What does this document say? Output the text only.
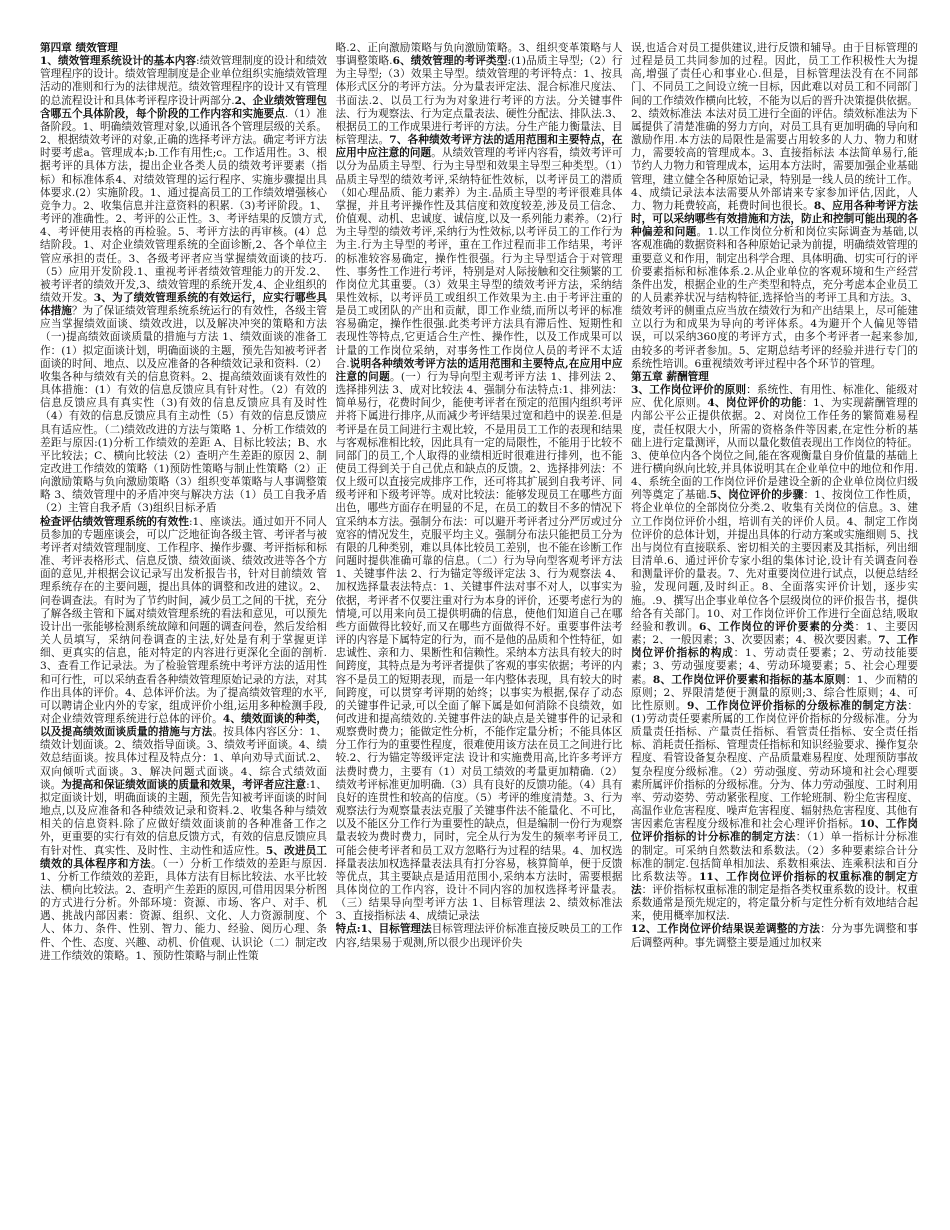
第四章 绩效管理

1、绩效管理系统设计的基本内容:绩效管理制度的设计和绩效管理程序的设计。绩效管理制度是企业单位组织实施绩效管理活动的准则和行为的法律规范。绩效管理程序的设计又有管理的总流程设计和具体考评程序设计两部分.2、企业绩效管理包含哪五个具体阶段，每个阶段的工作内容和实施要点.（1）准备阶段。1、明确绩效管理对象,以通讯各个管理层级的关系。2、根据绩效考评的对象,正确的选择考评方法。确定考评方法时要考虑a。管理成本;b.工作有用性;c。工作适用性。3、根据考评的具体方法，提出企业各类人员的绩效考评要素（指标）和标准体系4、对绩效管理的运行程序、实施步骤提出具体要求.(2）实施阶段。1、通过提高员工的工作绩效增强核心竞争力。2、收集信息并注意资料的积累.（3)考评阶段。1、考评的准确性。2、考评的公正性。3、考评结果的反馈方式,4、考评使用表格的再检验。5、考评方法的再审核。(4）总结阶段。1、对企业绩效管理系统的全面诊断,2、各个单位主管应承担的责任。3、各级考评者应当掌握绩效面谈的技巧.（5）应用开发阶段.1、重视考评者绩效管理能力的开发.2、被考评者的绩效开发,3、绩效管理的系统开发,4、企业组织的绩效开发。3、为了绩效管理系统的有效运行，应实行哪些具体措施？为了保证绩效管理系统系统运行的有效性，各级主管应当掌握绩效面谈、绩效改进，以及解决冲突的策略和方法（一)提高绩效面谈质量的措施与方法 1、绩效面谈的准备工作：(1）拟定面谈计划，明确面谈的主题，预先告知被考评者面谈的时间、地点、以及应准备的各种绩效记录和资料.（2）收集各种与绩效有关的信息资料。2、提高绩效面谈有效性的具体措施：(1）有效的信息反馈应具有针对性。（2）有效的信息反馈应具有真实性（3)有效的信息反馈应具有及时性（4）有效的信息反馈应具有主动性（5）有效的信息反馈应具有适应性。（二)绩效改进的方法与策略 1、分析工作绩效的差距与原因:(1)分析工作绩效的差距 A、目标比较法；B、水平比较法；C、横向比较法（2）查明产生差距的原因 2、制定改进工作绩效的策略（1)预防性策略与制止性策略（2）正向激励策略与负向激励策略（3）组织变革策略与人事调整策略 3、绩效管理中的矛盾冲突与解决方法（1）员工自我矛盾（2）主管自我矛盾（3)组织目标矛盾

检查评估绩效管理系统的有效性:1、座谈法。通过如开不同人员参加的专题座谈会，可以广泛地征询各级主管、考评者与被考评者对绩效管理制度、工作程序、操作步骤、考评指标和标准、考评表格形式、信息反馈、绩效面谈、绩效改进等各个方面的意见,并根据会议记录写出发析报告书，针对目前绩效 管理系统存在的主要问题，提出具体的调整和改进的建议。2、问卷调查法。有时为了节约时间，减少员工之间的干扰，充分了解各级主管和下属对绩效管理系统的看法和意见，可以预先设计出一张能够检测系统故障和问题的调查问卷，然后发给相关人员填写，采纳问卷调查的主法,好处是有利于掌握更详细、更真实的信息，能对特定的内容进行更深化全面的剖析.3、查看工作记录法。为了检验管理系统中考评方法的适用性和可行性，可以采纳查看各种绩效管理原始记录的方法，对其作出具体的评价。4、总体评价法。为了提高绩效管理的水平,可以聘请企业内外的专家，组成评价小组,运用多种检测手段,对企业绩效管理系统进行总体的评价。4、绩效面谈的种类，以及提高绩效面谈质量的措施与方法。按具体内容区分：1、绩效计划面谈。2、绩效指导面谈。3、绩效考评面谈。4、绩效总结面谈。按具体过程及特点分：1、单向劝导式面试.2、双向倾听式面谈。3、解决问题式面谈。4、综合式绩效面谈。为提高和保证绩效面谈的质量和效果，考评者应注意:1、拟定面谈计划，明确面谈的主题，预先告知被考评面谈的时间地点,以及应准备和各种绩效记录和资料.2、收集各种与绩效相关的信息资料.除了应做好绩效面谈前的各种准备工作之外，更重要的实行有效的信息反馈方式，有效的信息反馈应具有针对性、真实性、及时性、主动性和适应性。5、改进员工绩效的具体程序和方法。（一）分析工作绩效的差距与原因.1、分析工作绩效的差距，具体方法有目标比较法、水平比较法、横向比较法。2、查明产生差距的原因,可借用因果分析图的方式进行分析。外部环境：资源、市场、客户、对手、机遇、挑战内部因素：资源、组织、文化、人力资源制度、个人、体力、条件、性别、智力、能力、经验、阅历心理、条件、个性、态度、兴趣、动机、价值观、认识论（二）制定改进工作绩效的策略。1、预防性策略与制止性策

略.2、正向激励策略与负向激励策略。3、组织变革策略与人事调整策略.6、绩效管理的考评类型:(1)品质主导型;（2）行为主导型;（3）效果主导型。绩效管理的考评特点：1、按具体形式区分的考评方法。分为量表评定法、混合标准尺度法、书面法.2、以员工行为为对象进行考评的方法。分关键事件法、行为观察法、行为定点量表法、硬性分配法、排队法.3、根据员工的工作成果进行考评的方法。分生产能力衡量法、目标管理法。7、各种绩效考评方法的适用范围和主要特点，在应用中应注意的问题。从绩效管理的考评内容看，绩效考评可以分为品质主导型、行为主导型和效果主导型三种类型。（1）品质主导型的绩效考评,采纳特征性效标，以考评员工的潜质（如心理品质、能力素养）为主.品质主导型的考评很难具体掌握，并且考评操作性及其信度和效度较差,涉及员工信念、价值观、动机、忠诚度、诚信度,以及一系列能力素养。（2)行为主导型的绩效考评,采纳行为性效标,以考评员工的工作行为为主.行为主导型的考评，重在工作过程而非工作结果，考评的标准较容易确定，操作性很强。行为主导型适合于对管理性、事务性工作进行考评，特别是对人际接触和交往频繁的工作岗位尤其重要。（3）效果主导型的绩效考评方法，采纳结果性效标，以考评员工或组织工作效果为主.由于考评注重的是员工或团队的产出和贡献，即工作业绩,而所以考评的标准容易确定，操作性很强.此类考评方法具有滞后性、短期性和表现性等特点,它更适合生产性、操作性，以及工作成果可以计量的工作岗位采纳，对事务性工作岗位人员的考评不太适合.说明各种绩效考评方法的适用范围和主要特点,在应用中应注意的问题。(一）行为导向型主观考评方法 1、排列法 2、选择排列法 3、成对比较法 4、强制分布法特点:1、排列法：简单易行，花费时间少，能使考评者在预定的范围内组织考评并将下属进行排序,从而减少考评结果过宽和趋中的误差.但是考评是在员工间进行主观比较，不是用员工工作的表现和结果与客观标准相比较，因此具有一定的局限性，不能用于比较不同部门的员工,个人取得的业绩相近时很难进行排列，也不能使员工得到关于自己优点和缺点的反馈。2、选择排列法：不仅上级可以直接完成排序工作，还可将其扩展到自我考评、同级考评和下级考评等。成对比较法：能够发现员工在哪些方面出色，哪些方面存在明显的不足，在员工的数目不多的情况下宜采纳本方法。强制分布法：可以避开考评者过分严厉或过分宽容的情况发生，克服平均主义。强制分布法只能把员工分为有限的几种类别，难以具体比较员工差别，也不能在诊断工作问题时提供准确可靠的信息。（二）行为导向型客观考评方法 1、关键事件法 2、行为锚定等级评定法 3、行为观察法 4、加权选择量表法特点：1、关键事件法对事不对人，以事实为依据，考评者不仅要注重对行为本身的评价，还要考虑行为的情境,可以用来向员工提供明确的信息，使他们知道自己在哪些方面做得比较好,而又在哪些方面做得不好。重要事件法考评的内容是下属特定的行为，而不是他的品质和个性特征，如忠诚性、亲和力、果断性和信赖性。采纳本方法具有较大的时间跨度，其特点是为考评者提供了客观的事实依据；考评的内容不是员工的短期表现，而是一年内整体表现，具有较大的时间跨度，可以贯穿考评期的始终；以事实为根据,保存了动态的关键事件记录,可以全面了解下属是如何消除不良绩效，如何改进和提高绩效的.关键事件法的缺点是关键事件的记录和观察费时费力；能做定性分析，不能作定量分析；不能具体区分工作行为的重要性程度，很难使用该方法在员工之间进行比较.2、行为锚定等级评定法 设计和实施费用高,比许多考评方法费时费力，主要有（1）对员工绩效的考量更加精确.（2）绩效考评标准更加明确.（3）具有良好的反馈功能。（4）具有良好的连贯性和较高的信度。（5）考评的维度清楚。3、行为观察法行为观察量表法克服了关键事件法不能量化、不可比，以及不能区分工作行为重要性的缺点，但是编制一份行为观察量表较为费时费力，同时，完全从行为发生的频率考评员工,可能会使考评者和员工双方忽略行为过程的结果。4、加权选择量表法加权选择量表法具有打分容易，核算简单，便于反馈等优点，其主要缺点是适用范围小,采纳本方法时，需要根据具体岗位的工作内容，设计不同内容的加权选择考评量表。（三）结果导向型考评方法 1、目标管理法 2、绩效标准法 3、直接指标法 4、成绩记录法

特点:1、目标管理法目标管理法评价标准直接反映员工的工作内容,结果易于观测,所以很少出现评价失

误,也适合对员工提供建议,进行反馈和辅导。由于目标管理的过程是员工共同参加的过程。因此，员工工作积极性大为提高,增强了责任心和事业心.但是，目标管理法没有在不同部门、不同员工之间设立统一目标，因此难以对员工和不同部门间的工作绩效作横向比较，不能为以后的晋升决策提供依据。2、绩效标准法 本法对员工进行全面的评估。绩效标准法为下属提供了清楚准确的努力方向，对员工具有更加明确的导向和激励作用.本方法的局限性是需要占用较多的人力、物力和财力，需要较高的管理成本。3、直接指标法 本法简单易行,能节约人力物力和管理成本，运用本方法时，需要加强企业基础管理，建立健全各种原始记录，特别是一线人员的统计工作。4、成绩记录法本法需要从外部请来专家参加评估,因此，人力、物力耗费较高，耗费时间也很长。8、应用各种考评方法时，可以采纳哪些有效措施和方法，防止和控制可能出现的各种偏差和问题。1.以工作岗位分析和岗位实际调查为基础,以客观准确的数据资料和各种原始记录为前提，明确绩效管理的重要意义和作用，制定出科学合理、具体明确、切实可行的评价要素指标和标准体系.2.从企业单位的客观环境和生产经营条件出发，根据企业的生产类型和特点，充分考虑本企业员工的人员素养状况与结构特征,选择恰当的考评工具和方法。3、绩效考评的侧重点应当放在绩效行为和产出结果上，尽可能建立以行为和成果为导向的考评体系。4为避开个人偏见等错误，可以采纳360度的考评方式，由多个考评者一起来参加,由较多的考评者参加。5、定期总结考评的经验并进行专门的系统性培训。6重视绩效考评过程中各个环节的管理。

第五章 薪酬管理

3、工作岗位评价的原则：系统性、有用性、标准化、能级对应、优化原则。4、岗位评价的功能：1、为实现薪酬管理的内部公平公正提供依据。2、对岗位工作任务的繁简难易程度，责任权限大小，所需的资格条件等因素,在定性分析的基础上进行定量测评，从而以量化数值表现出工作岗位的特征。3、使单位内各个岗位之间,能在客观衡量自身价值量的基础上进行横向纵向比较,并具体说明其在企业单位中的地位和作用.4、系统全面的工作岗位评价是建设全新的企业单位岗位归级列等奠定了基础.5、岗位评价的步骤：1、按岗位工作性质，将企业单位的全部岗位分类.2、收集有关岗位的信息。3、建立工作岗位评价小组，培训有关的评价人员。4、制定工作岗位评价的总体计划，并提出具体的行动方案或实施细则 5、找出与岗位有直接联系、密切相关的主要因素及其指标，列出细目清单.6、通过评价专家小组的集体讨论,设计有关调查问卷和测量评价的量表。7、先对重要岗位进行试点，以便总结经验，发现问题,及时纠正。8、全面落实评价计划，逐步实施。.9、撰写出企事业单位各个层级岗位的评价报告书，提供给各有关部门。10、对工作岗位评价工作进行全面总结,吸取经验和教训。6、工作岗位的评价要素的分类：1、主要因素；2、一般因素；3、次要因素；4、极次要因素。7、工作岗位评价指标的构成：1、劳动责任要素；2、劳动技能要素；3、劳动强度要素；4、劳动环境要素；5、社会心理要素。8、工作岗位评价要素和指标的基本原则：1、少而精的原则；2、界限清楚便于测量的原则;3、综合性原则；4、可比性原则。9、工作岗位评价指标的分级标准的制定方法：(1)劳动责任要素所属的工作岗位评价指标的分级标准。分为质量责任指标、产量责任指标、看管责任指标、安全责任指标、消耗责任指标、管理责任指标和知识经验要求、操作复杂程度、看管设备复杂程度、产品质量难易程度、处理预防事故复杂程度分级标准。（2）劳动强度、劳动环境和社会心理要素所属评价指标的分级标准。分为、体力劳动强度、工时利用率、劳动姿势、劳动紧张程度、工作轮班制、粉尘危害程度、高温作业危害程度、噪声危害程度、辐射热危害程度、其他有害因素危害程度分级标准和社会心理评价指标。10、工作岗位评价指标的计分标准的制定方法：（1）单一指标计分标准的制定。可采纳自然数法和系数法。（2）多种要素综合计分标准的制定.包括简单相加法、系数相乘法、连乘积法和百分比系数法等。11、工作岗位评价指标的权重标准的制定方法：评价指标权重标准的制定是指各类权重系数的设计。权重系数通常是预先规定的，将定量分析与定性分析有效地结合起来，使用概率加权法.

12、工作岗位评价结果误差调整的方法：分为事先调整和事后调整两种。事先调整主要是通过加权来
